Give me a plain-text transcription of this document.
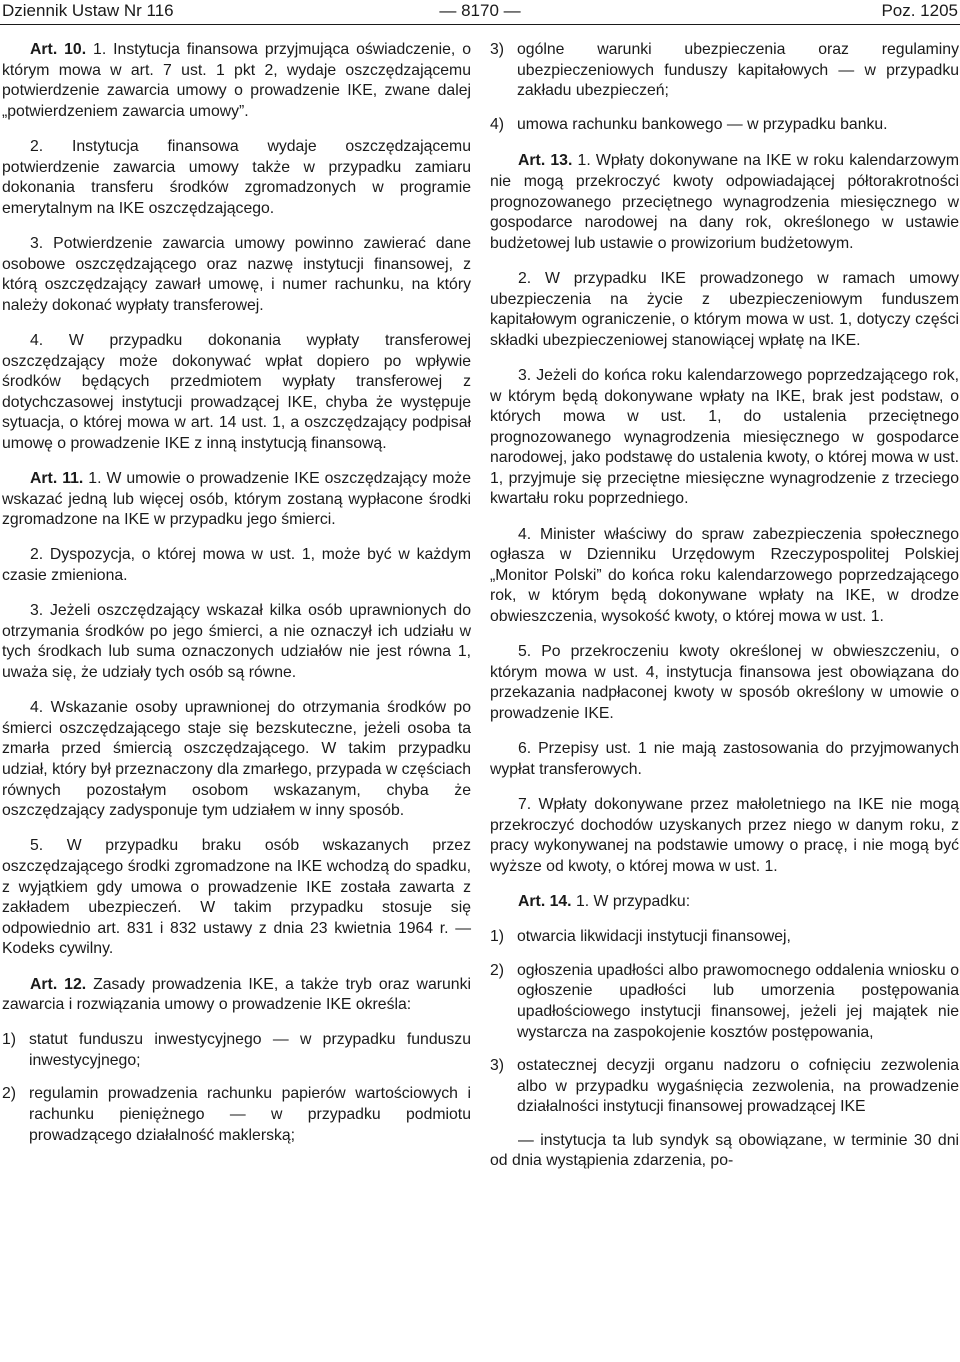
Dziennik Ustaw Nr 116	— 8170 —	Poz. 1205

Art. 10. 1. Instytucja finansowa przyjmująca oświadczenie, o którym mowa w art. 7 ust. 1 pkt 2, wydaje oszczędzającemu potwierdzenie zawarcia umowy o prowadzenie IKE, zwane dalej „potwierdzeniem zawarcia umowy”.

2. Instytucja finansowa wydaje oszczędzającemu potwierdzenie zawarcia umowy także w przypadku zamiaru dokonania transferu środków zgromadzonych w programie emerytalnym na IKE oszczędzającego.

3. Potwierdzenie zawarcia umowy powinno zawierać dane osobowe oszczędzającego oraz nazwę instytucji finansowej, z którą oszczędzający zawarł umowę, i numer rachunku, na który należy dokonać wypłaty transferowej.

4. W przypadku dokonania wypłaty transferowej oszczędzający może dokonywać wpłat dopiero po wpływie środków będących przedmiotem wypłaty transferowej z dotychczasowej instytucji prowadzącej IKE, chyba że występuje sytuacja, o której mowa w art. 14 ust. 1, a oszczędzający podpisał umowę o prowadzenie IKE z inną instytucją finansową.

Art. 11. 1. W umowie o prowadzenie IKE oszczędzający może wskazać jedną lub więcej osób, którym zostaną wypłacone środki zgromadzone na IKE w przypadku jego śmierci.

2. Dyspozycja, o której mowa w ust. 1, może być w każdym czasie zmieniona.

3. Jeżeli oszczędzający wskazał kilka osób uprawnionych do otrzymania środków po jego śmierci, a nie oznaczył ich udziału w tych środkach lub suma oznaczonych udziałów nie jest równa 1, uważa się, że udziały tych osób są równe.

4. Wskazanie osoby uprawnionej do otrzymania środków po śmierci oszczędzającego staje się bezskuteczne, jeżeli osoba ta zmarła przed śmiercią oszczędzającego. W takim przypadku udział, który był przeznaczony dla zmarłego, przypada w częściach równych pozostałym osobom wskazanym, chyba że oszczędzający zadysponuje tym udziałem w inny sposób.

5. W przypadku braku osób wskazanych przez oszczędzającego środki zgromadzone na IKE wchodzą do spadku, z wyjątkiem gdy umowa o prowadzenie IKE została zawarta z zakładem ubezpieczeń. W takim przypadku stosuje się odpowiednio art. 831 i 832 ustawy z dnia 23 kwietnia 1964 r. — Kodeks cywilny.

Art. 12. Zasady prowadzenia IKE, a także tryb oraz warunki zawarcia i rozwiązania umowy o prowadzenie IKE określa:

1) statut funduszu inwestycyjnego — w przypadku funduszu inwestycyjnego;

2) regulamin prowadzenia rachunku papierów wartościowych i rachunku pieniężnego — w przypadku podmiotu prowadzącego działalność maklerską;

3) ogólne warunki ubezpieczenia oraz regulaminy ubezpieczeniowych funduszy kapitałowych — w przypadku zakładu ubezpieczeń;

4) umowa rachunku bankowego — w przypadku banku.

Art. 13. 1. Wpłaty dokonywane na IKE w roku kalendarzowym nie mogą przekroczyć kwoty odpowiadającej półtorakrotności prognozowanego przeciętnego wynagrodzenia miesięcznego w gospodarce narodowej na dany rok, określonego w ustawie budżetowej lub ustawie o prowizorium budżetowym.

2. W przypadku IKE prowadzonego w ramach umowy ubezpieczenia na życie z ubezpieczeniowym funduszem kapitałowym ograniczenie, o którym mowa w ust. 1, dotyczy części składki ubezpieczeniowej stanowiącej wpłatę na IKE.

3. Jeżeli do końca roku kalendarzowego poprzedzającego rok, w którym będą dokonywane wpłaty na IKE, brak jest podstaw, o których mowa w ust. 1, do ustalenia przeciętnego prognozowanego wynagrodzenia miesięcznego w gospodarce narodowej, jako podstawę do ustalenia kwoty, o której mowa w ust. 1, przyjmuje się przeciętne miesięczne wynagrodzenie z trzeciego kwartału roku poprzedniego.

4. Minister właściwy do spraw zabezpieczenia społecznego ogłasza w Dzienniku Urzędowym Rzeczypospolitej Polskiej „Monitor Polski” do końca roku kalendarzowego poprzedzającego rok, w którym będą dokonywane wpłaty na IKE, w drodze obwieszczenia, wysokość kwoty, o której mowa w ust. 1.

5. Po przekroczeniu kwoty określonej w obwieszczeniu, o którym mowa w ust. 4, instytucja finansowa jest obowiązana do przekazania nadpłaconej kwoty w sposób określony w umowie o prowadzenie IKE.

6. Przepisy ust. 1 nie mają zastosowania do przyjmowanych wypłat transferowych.

7. Wpłaty dokonywane przez małoletniego na IKE nie mogą przekroczyć dochodów uzyskanych przez niego w danym roku, z pracy wykonywanej na podstawie umowy o pracę, i nie mogą być wyższe od kwoty, o której mowa w ust. 1.

Art. 14. 1. W przypadku:

1) otwarcia likwidacji instytucji finansowej,

2) ogłoszenia upadłości albo prawomocnego oddalenia wniosku o ogłoszenie upadłości lub umorzenia postępowania upadłościowego instytucji finansowej, jeżeli jej majątek nie wystarcza na zaspokojenie kosztów postępowania,

3) ostatecznej decyzji organu nadzoru o cofnięciu zezwolenia albo w przypadku wygaśnięcia zezwolenia, na prowadzenie działalności instytucji finansowej prowadzącej IKE

— instytucja ta lub syndyk są obowiązane, w terminie 30 dni od dnia wystąpienia zdarzenia, po-
